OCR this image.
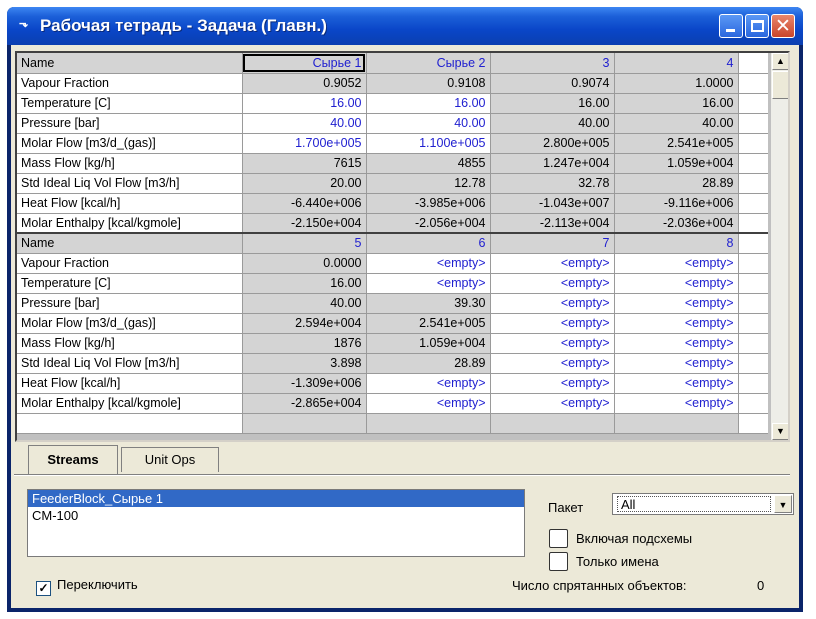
⬎ Рабочая тетрадь - Задача (Главн.)	✕
Name	Сырье 1	Сырье 2	3	4	
Vapour Fraction	0.9052	0.9108	0.9074	1.0000	
Temperature [C]	16.00	16.00	16.00	16.00	
Pressure [bar]	40.00	40.00	40.00	40.00	
Molar Flow [m3/d_(gas)]	1.700e+005	1.100e+005	2.800e+005	2.541e+005	
Mass Flow [kg/h]	7615	4855	1.247e+004	1.059e+004	
Std Ideal Liq Vol Flow [m3/h]	20.00	12.78	32.78	28.89	
Heat Flow [kcal/h]	-6.440e+006	-3.985e+006	-1.043e+007	-9.116e+006	
Molar Enthalpy [kcal/kgmole]	-2.150e+004	-2.056e+004	-2.113e+004	-2.036e+004	
Name	5	6	7	8	
Vapour Fraction	0.0000	<empty>	<empty>	<empty>	
Temperature [C]	16.00	<empty>	<empty>	<empty>	
Pressure [bar]	40.00	39.30	<empty>	<empty>	
Molar Flow [m3/d_(gas)]	2.594e+004	2.541e+005	<empty>	<empty>	
Mass Flow [kg/h]	1876	1.059e+004	<empty>	<empty>	
Std Ideal Liq Vol Flow [m3/h]	3.898	28.89	<empty>	<empty>	
Heat Flow [kcal/h]	-1.309e+006	<empty>	<empty>	<empty>	
Molar Enthalpy [kcal/kgmole]	-2.865e+004	<empty>	<empty>	<empty>	

▲
▼
Streams	Unit Ops
FeederBlock_Сырье 1
CM-100
Пакет	All	▼
Включая подсхемы
Только имена
✓ Переключить	Число спрятанных объектов:	0
